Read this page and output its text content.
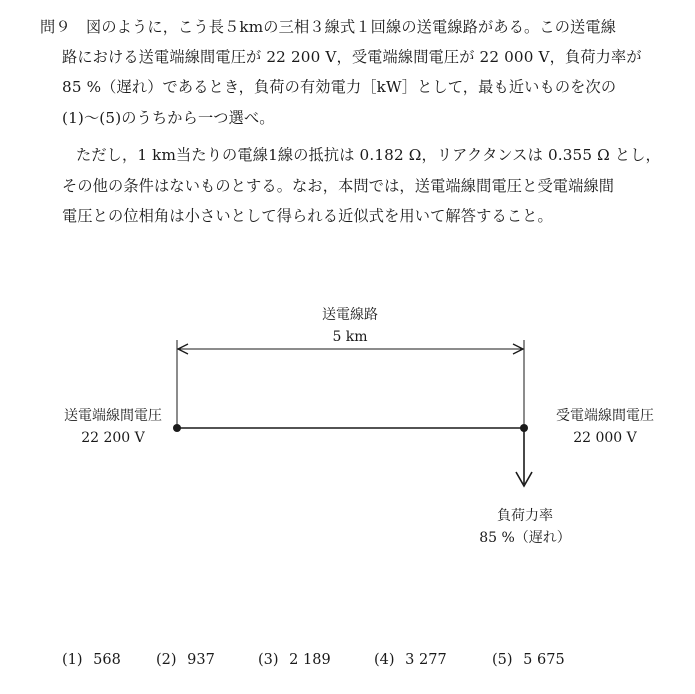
問９　図のように，こう長５kmの三相３線式１回線の送電線路がある。この送電線
路における送電端線間電圧が 22 200 V，受電端線間電圧が 22 000 V，負荷力率が
85 %（遅れ）であるとき，負荷の有効電力［kW］として，最も近いものを次の
(1)～(5)のうちから一つ選べ。
ただし，1 km当たりの電線1線の抵抗は 0.182 Ω，リアクタンスは 0.355 Ω とし，
その他の条件はないものとする。なお，本問では，送電端線間電圧と受電端線間
電圧との位相角は小さいとして得られる近似式を用いて解答すること。
送電線路
5 km
送電端線間電圧
22 200 V
受電端線間電圧
22 000 V
負荷力率
85 %（遅れ）
(1) 568 (2) 937	(3) 2 189	(4) 3 277	(5) 5 675
